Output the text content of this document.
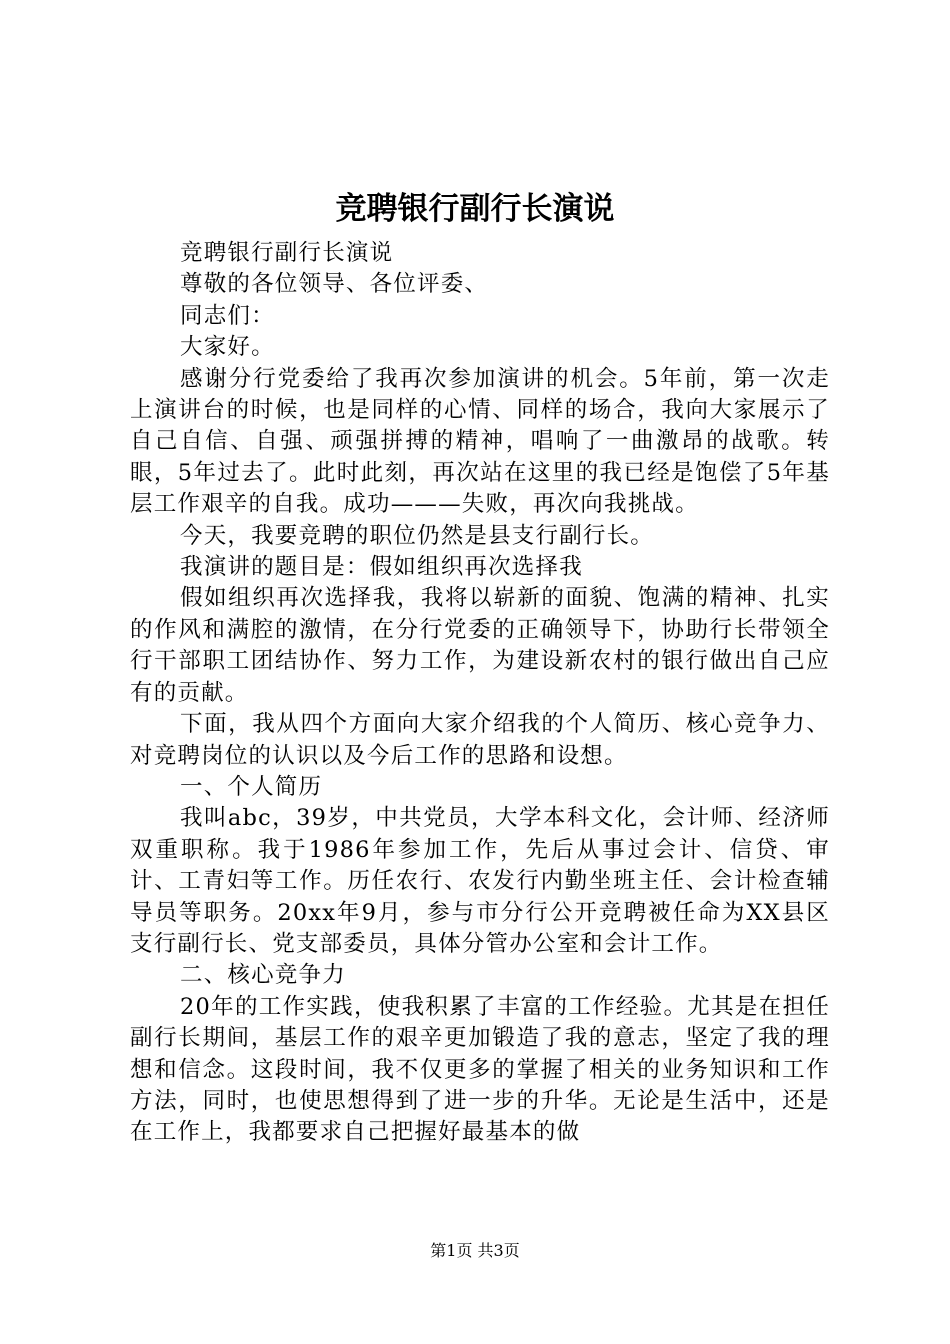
竞聘银行副行长演说

竞聘银行副行长演说

尊敬的各位领导、各位评委、

同志们：

大家好。

感谢分行党委给了我再次参加演讲的机会。5年前，第一次走上演讲台的时候，也是同样的心情、同样的场合，我向大家展示了自己自信、自强、顽强拼搏的精神，唱响了一曲激昂的战歌。转眼，5年过去了。此时此刻，再次站在这里的我已经是饱偿了5年基层工作艰辛的自我。成功———失败，再次向我挑战。

今天，我要竞聘的职位仍然是县支行副行长。

我演讲的题目是：假如组织再次选择我

假如组织再次选择我，我将以崭新的面貌、饱满的精神、扎实的作风和满腔的激情，在分行党委的正确领导下，协助行长带领全行干部职工团结协作、努力工作，为建设新农村的银行做出自己应有的贡献。

下面，我从四个方面向大家介绍我的个人简历、核心竞争力、对竞聘岗位的认识以及今后工作的思路和设想。

一、个人简历

我叫abc，39岁，中共党员，大学本科文化，会计师、经济师双重职称。我于1986年参加工作，先后从事过会计、信贷、审计、工青妇等工作。历任农行、农发行内勤坐班主任、会计检查辅导员等职务。20xx年9月，参与市分行公开竞聘被任命为XX县区支行副行长、党支部委员，具体分管办公室和会计工作。

二、核心竞争力

20年的工作实践，使我积累了丰富的工作经验。尤其是在担任副行长期间，基层工作的艰辛更加锻造了我的意志，坚定了我的理想和信念。这段时间，我不仅更多的掌握了相关的业务知识和工作方法，同时，也使思想得到了进一步的升华。无论是生活中，还是在工作上，我都要求自己把握好最基本的做

第1页 共3页
